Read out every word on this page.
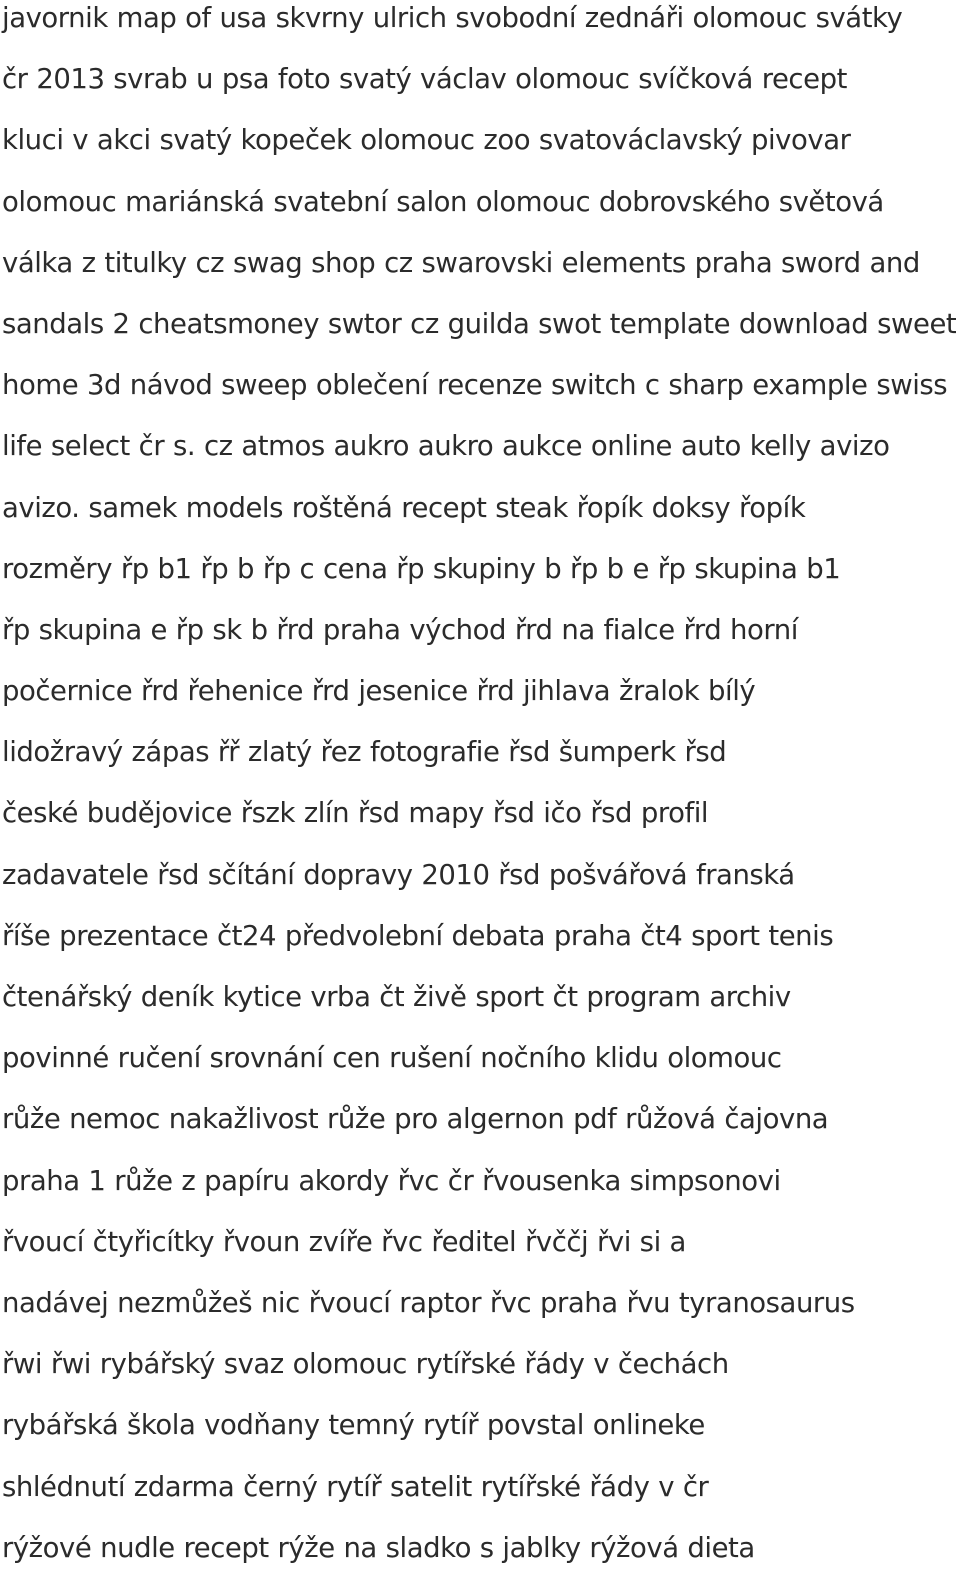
javornik map of usa skvrny ulrich svobodní zednáři olomouc svátky
čr 2013 svrab u psa foto svatý václav olomouc svíčková recept
kluci v akci svatý kopeček olomouc zoo svatováclavský pivovar
olomouc mariánská svatební salon olomouc dobrovského světová
válka z titulky cz swag shop cz swarovski elements praha sword and
sandals 2 cheatsmoney swtor cz guilda swot template download sweet
home 3d návod sweep oblečení recenze switch c sharp example swiss
life select čr s. cz atmos aukro aukro aukce online auto kelly avizo
avizo. samek models roštěná recept steak řopík doksy řopík
rozměry řp b1 řp b řp c cena řp skupiny b řp b e řp skupina b1
řp skupina e řp sk b řrd praha východ řrd na fialce řrd horní
počernice řrd řehenice řrd jesenice řrd jihlava žralok bílý
lidožravý zápas řř zlatý řez fotografie řsd šumperk řsd
české budějovice řszk zlín řsd mapy řsd ičo řsd profil
zadavatele řsd sčítání dopravy 2010 řsd pošvářová franská
říše prezentace čt24 předvolební debata praha čt4 sport tenis
čtenářský deník kytice vrba čt živě sport čt program archiv
povinné ručení srovnání cen rušení nočního klidu olomouc
růže nemoc nakažlivost růže pro algernon pdf růžová čajovna
praha 1 růže z papíru akordy řvc čr řvousenka simpsonovi
řvoucí čtyřicítky řvoun zvíře řvc ředitel řvččj řvi si a
nadávej nezmůžeš nic řvoucí raptor řvc praha řvu tyranosaurus
řwi řwi rybářský svaz olomouc rytířské řády v čechách
rybářská škola vodňany temný rytíř povstal onlineke
shlédnutí zdarma černý rytíř satelit rytířské řády v čr
rýžové nudle recept rýže na sladko s jablky rýžová dieta
